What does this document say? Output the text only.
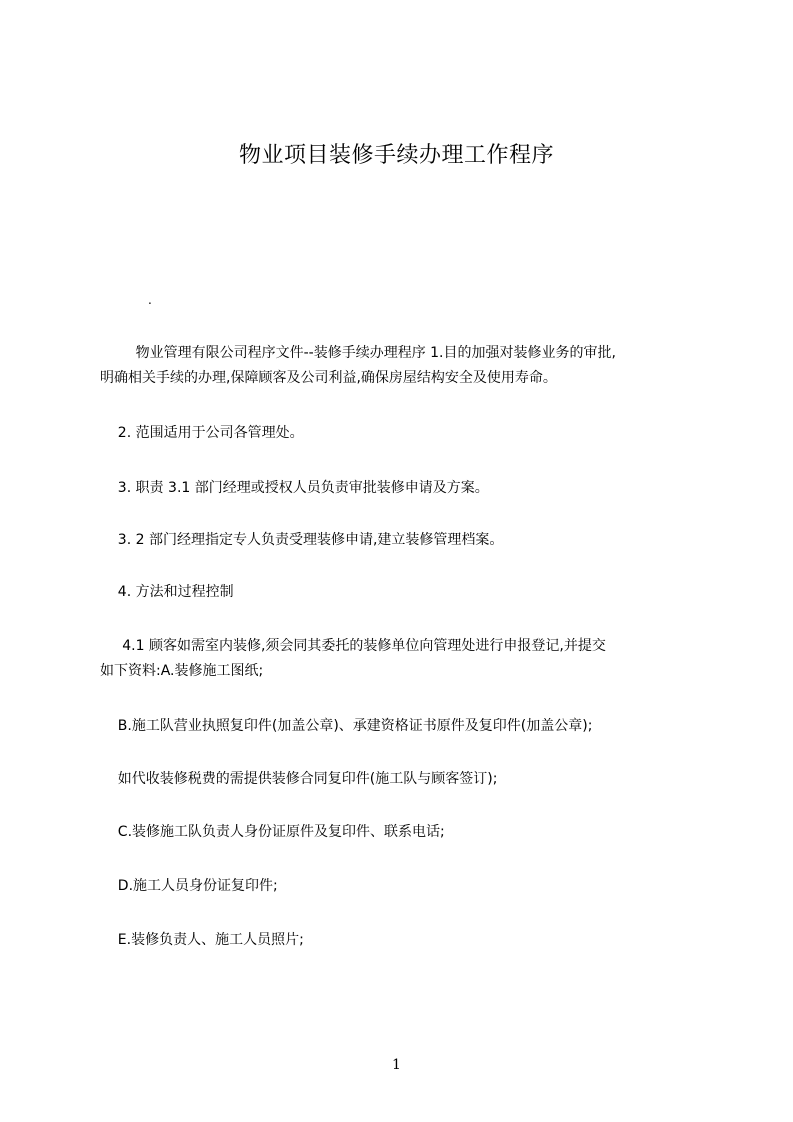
物业项目装修手续办理工作程序
.

物业管理有限公司程序文件--装修手续办理程序 1.目的加强对装修业务的审批,
明确相关手续的办理,保障顾客及公司利益,确保房屋结构安全及使用寿命。

2. 范围适用于公司各管理处。

3. 职责 3.1 部门经理或授权人员负责审批装修申请及方案。

3. 2 部门经理指定专人负责受理装修申请,建立装修管理档案。

4. 方法和过程控制

4.1 顾客如需室内装修,须会同其委托的装修单位向管理处进行申报登记,并提交
如下资料:A.装修施工图纸;

B.施工队营业执照复印件(加盖公章)、承建资格证书原件及复印件(加盖公章);

如代收装修税费的需提供装修合同复印件(施工队与顾客签订);

C.装修施工队负责人身份证原件及复印件、联系电话;

D.施工人员身份证复印件;

E.装修负责人、施工人员照片;

1
